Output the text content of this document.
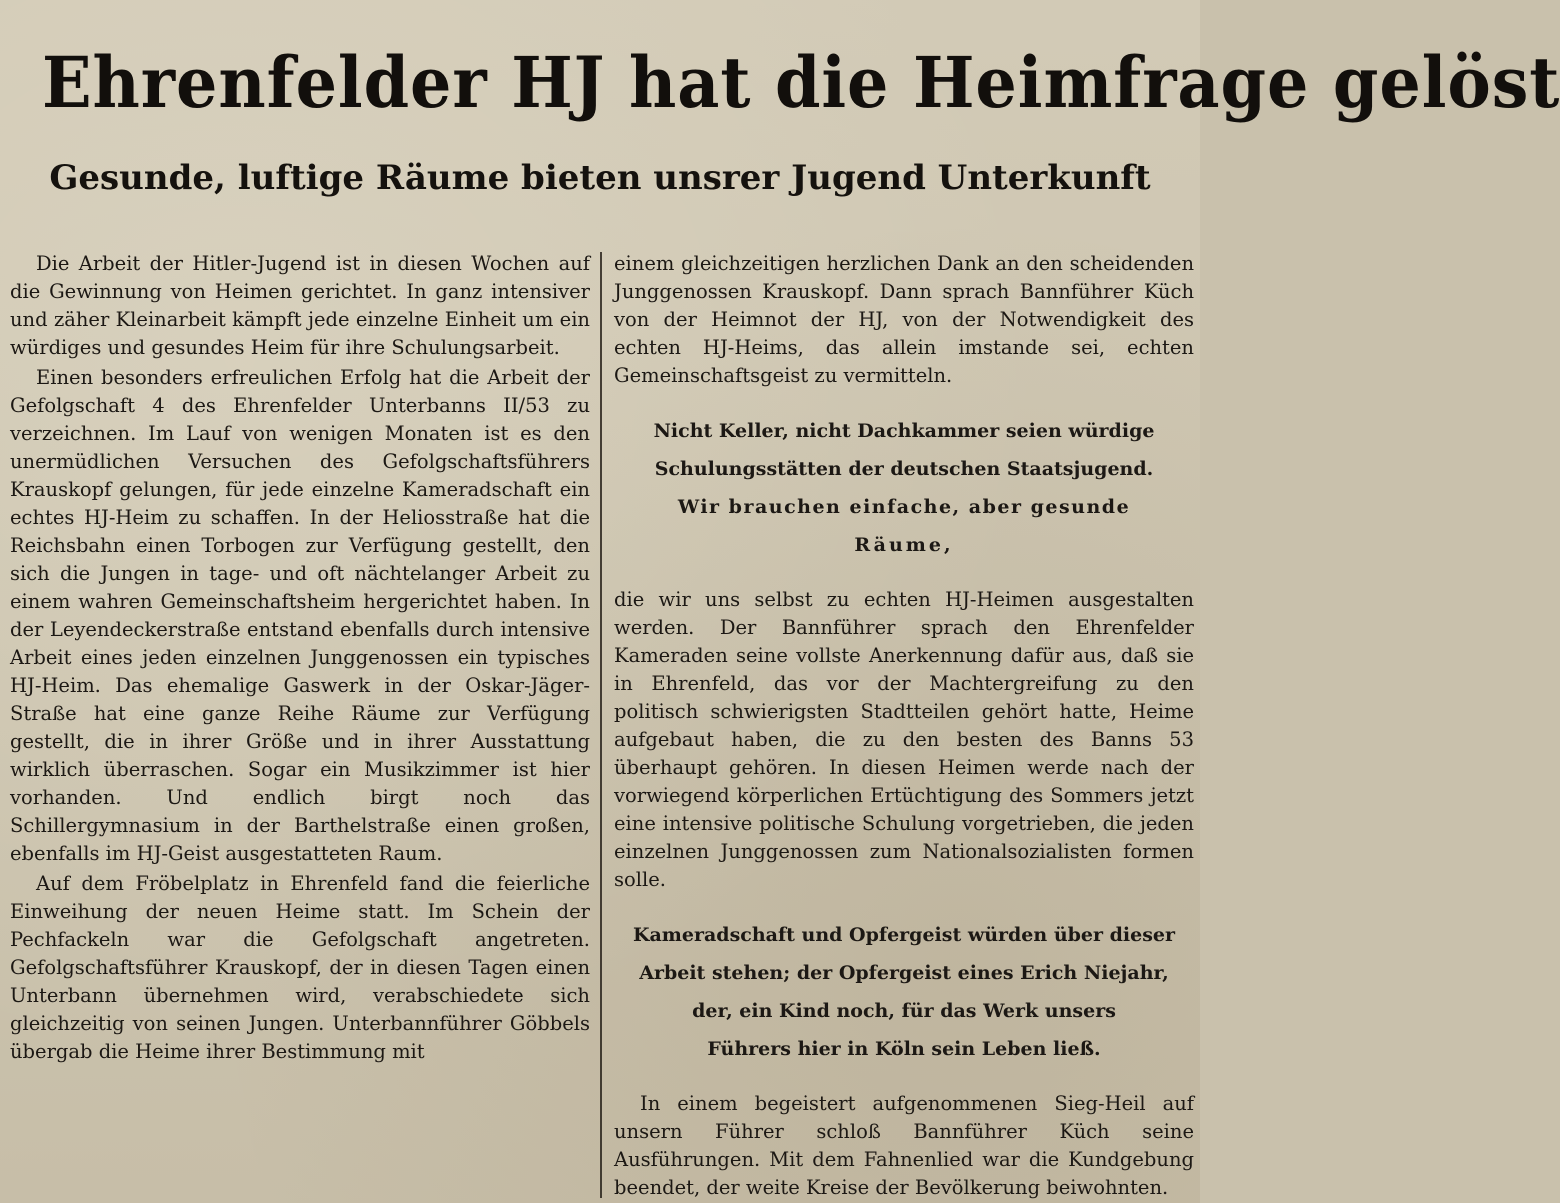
Ehrenfelder HJ hat die Heimfrage gelöst
Gesunde, luftige Räume bieten unsrer Jugend Unterkunft

Die Arbeit der Hitler-Jugend ist in diesen Wochen auf die Gewinnung von Heimen gerichtet. In ganz intensiver und zäher Kleinarbeit kämpft jede einzelne Einheit um ein würdiges und gesundes Heim für ihre Schulungsarbeit.

Einen besonders erfreulichen Erfolg hat die Arbeit der Gefolgschaft 4 des Ehrenfelder Unterbanns II/53 zu verzeichnen. Im Lauf von wenigen Monaten ist es den unermüdlichen Versuchen des Gefolgschaftsführers Krauskopf gelungen, für jede einzelne Kameradschaft ein echtes HJ-Heim zu schaffen. In der Heliosstraße hat die Reichsbahn einen Torbogen zur Verfügung gestellt, den sich die Jungen in tage- und oft nächtelanger Arbeit zu einem wahren Gemeinschaftsheim hergerichtet haben. In der Leyendeckerstraße entstand ebenfalls durch intensive Arbeit eines jeden einzelnen Junggenossen ein typisches HJ-Heim. Das ehemalige Gaswerk in der Oskar-Jäger-Straße hat eine ganze Reihe Räume zur Verfügung gestellt, die in ihrer Größe und in ihrer Ausstattung wirklich überraschen. Sogar ein Musikzimmer ist hier vorhanden. Und endlich birgt noch das Schillergymnasium in der Barthelstraße einen großen, ebenfalls im HJ-Geist ausgestatteten Raum.

Auf dem Fröbelplatz in Ehrenfeld fand die feierliche Einweihung der neuen Heime statt. Im Schein der Pechfackeln war die Gefolgschaft angetreten. Gefolgschaftsführer Krauskopf, der in diesen Tagen einen Unterbann übernehmen wird, verabschiedete sich gleichzeitig von seinen Jungen. Unterbannführer Göbbels übergab die Heime ihrer Bestimmung mit

einem gleichzeitigen herzlichen Dank an den scheidenden Junggenossen Krauskopf. Dann sprach Bannführer Küch von der Heimnot der HJ, von der Notwendigkeit des echten HJ-Heims, das allein imstande sei, echten Gemeinschaftsgeist zu vermitteln.

Nicht Keller, nicht Dachkammer seien würdige
Schulungsstätten der deutschen Staatsjugend.
Wir brauchen einfache, aber gesunde
Räume,

die wir uns selbst zu echten HJ-Heimen ausgestalten werden. Der Bannführer sprach den Ehrenfelder Kameraden seine vollste Anerkennung dafür aus, daß sie in Ehrenfeld, das vor der Machtergreifung zu den politisch schwierigsten Stadtteilen gehört hatte, Heime aufgebaut haben, die zu den besten des Banns 53 überhaupt gehören. In diesen Heimen werde nach der vorwiegend körperlichen Ertüchtigung des Sommers jetzt eine intensive politische Schulung vorgetrieben, die jeden einzelnen Junggenossen zum Nationalsozialisten formen solle.

Kameradschaft und Opfergeist würden über dieser
Arbeit stehen; der Opfergeist eines Erich Niejahr,
der, ein Kind noch, für das Werk unsers
Führers hier in Köln sein Leben ließ.

In einem begeistert aufgenommenen Sieg-Heil auf unsern Führer schloß Bannführer Küch seine Ausführungen. Mit dem Fahnenlied war die Kundgebung beendet, der weite Kreise der Bevölkerung beiwohnten.
